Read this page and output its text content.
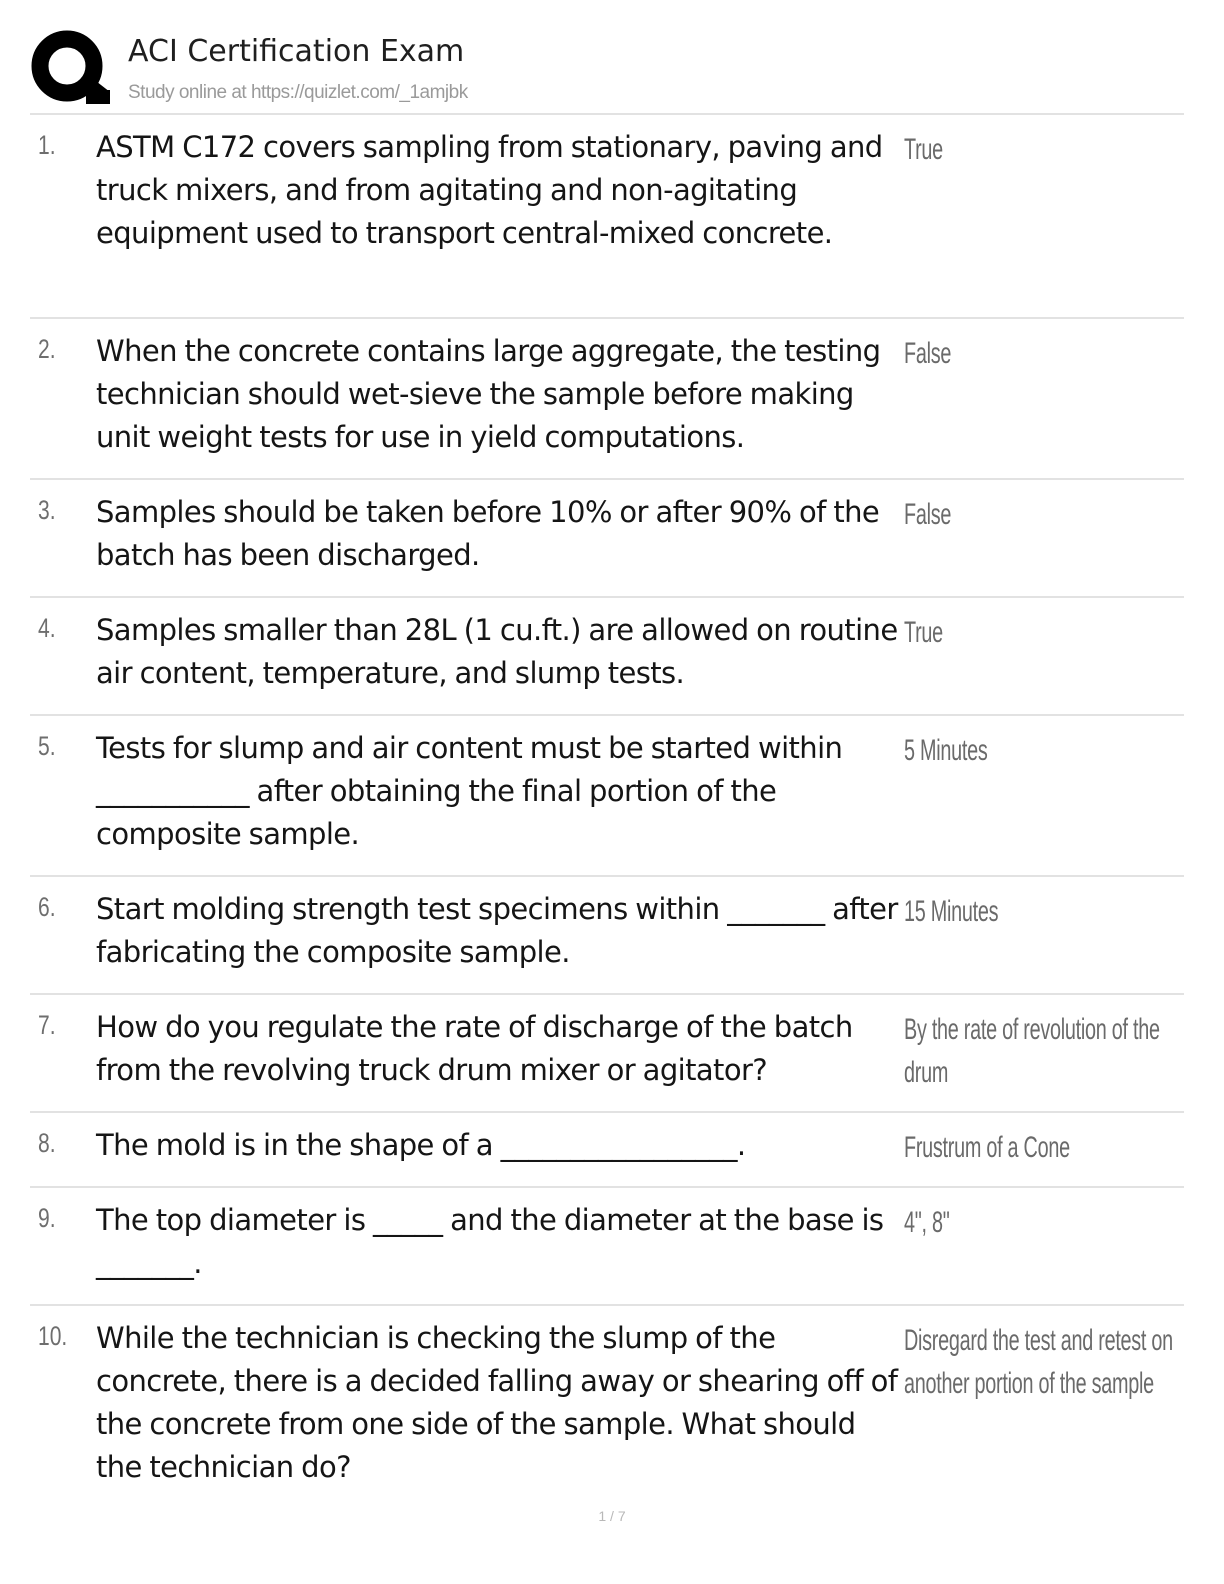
ACI Certification Exam
Study online at https://quizlet.com/_1amjbk
1. ASTM C172 covers sampling from stationary, paving and truck mixers, and from agitating and non-agitating equipment used to transport central-mixed concrete.
True
2. When the concrete contains large aggregate, the testing technician should wet-sieve the sample before making unit weight tests for use in yield computations.
False
3. Samples should be taken before 10% or after 90% of the batch has been discharged.
False
4. Samples smaller than 28L (1 cu.ft.) are allowed on routine air content, temperature, and slump tests.
True
5. Tests for slump and air content must be started within ___________ after obtaining the final portion of the composite sample.
5 Minutes
6. Start molding strength test specimens within _______ after fabricating the composite sample.
15 Minutes
7. How do you regulate the rate of discharge of the batch from the revolving truck drum mixer or agitator?
By the rate of revolution of the drum
8. The mold is in the shape of a _________________.	Frustrum of a Cone
9. The top diameter is _____ and the diameter at the base is _______.
4", 8"
10. While the technician is checking the slump of the concrete, there is a decided falling away or shearing off of the concrete from one side of the sample. What should the technician do?
Disregard the test and retest on another portion of the sample
1 / 7
